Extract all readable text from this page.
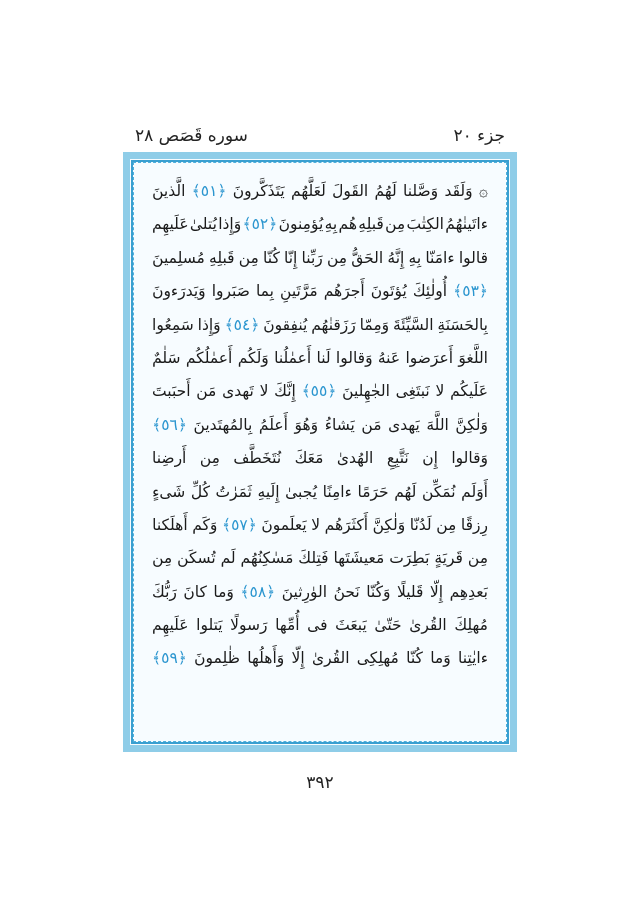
جزء ٢٠
سوره قَصَص ٢٨
۞
وَلَقَد
وَصَّلنا
لَهُمُ
القَولَ
لَعَلَّهُم
يَتَذَكَّرونَ
﴿٥١﴾
الَّذينَ
ءاتَينٰهُمُ
الكِتٰبَ
مِن
قَبلِهِ
هُم
بِهِ
يُؤمِنونَ
﴿٥٢﴾
وَإِذا
يُتلىٰ
عَلَيهِم
قالوا
ءامَنّا
بِهِ
إِنَّهُ
الحَقُّ
مِن
رَبِّنا
إِنّا
كُنّا
مِن
قَبلِهِ
مُسلِمينَ
﴿٥٣﴾
أُولٰئِكَ
يُؤتَونَ
أَجرَهُم
مَرَّتَينِ
بِما
صَبَروا
وَيَدرَءونَ
بِالحَسَنَةِ
السَّيِّئَةَ
وَمِمّا
رَزَقنٰهُم
يُنفِقونَ
﴿٥٤﴾
وَإِذا
سَمِعُوا
اللَّغوَ
أَعرَضوا
عَنهُ
وَقالوا
لَنا
أَعمٰلُنا
وَلَكُم
أَعمٰلُكُم
سَلٰمٌ
عَلَيكُم
لا
نَبتَغِى
الجٰهِلينَ
﴿٥٥﴾
إِنَّكَ
لا
تَهدى
مَن
أَحبَبتَ
وَلٰكِنَّ
اللَّهَ
يَهدى
مَن
يَشاءُ
وَهُوَ
أَعلَمُ
بِالمُهتَدينَ
﴿٥٦﴾
وَقالوا
إِن
نَتَّبِعِ
الهُدىٰ
مَعَكَ
نُتَخَطَّف
مِن
أَرضِنا
أَوَلَم
نُمَكِّن
لَهُم
حَرَمًا
ءامِنًا
يُجبىٰ
إِلَيهِ
ثَمَرٰتُ
كُلِّ
شَىءٍ
رِزقًا
مِن
لَدُنّا
وَلٰكِنَّ
أَكثَرَهُم
لا
يَعلَمونَ
﴿٥٧﴾
وَكَم
أَهلَكنا
مِن
قَريَةٍ
بَطِرَت
مَعيشَتَها
فَتِلكَ
مَسٰكِنُهُم
لَم
تُسكَن
مِن
بَعدِهِم
إِلّا
قَليلًا
وَكُنّا
نَحنُ
الوٰرِثينَ
﴿٥٨﴾
وَما
كانَ
رَبُّكَ
مُهلِكَ
القُرىٰ
حَتّىٰ
يَبعَثَ
فى
أُمِّها
رَسولًا
يَتلوا
عَلَيهِم
ءايٰتِنا
وَما
كُنّا
مُهلِكِى
القُرىٰ
إِلّا
وَأَهلُها
ظٰلِمونَ
﴿٥٩﴾
٣٩٢
